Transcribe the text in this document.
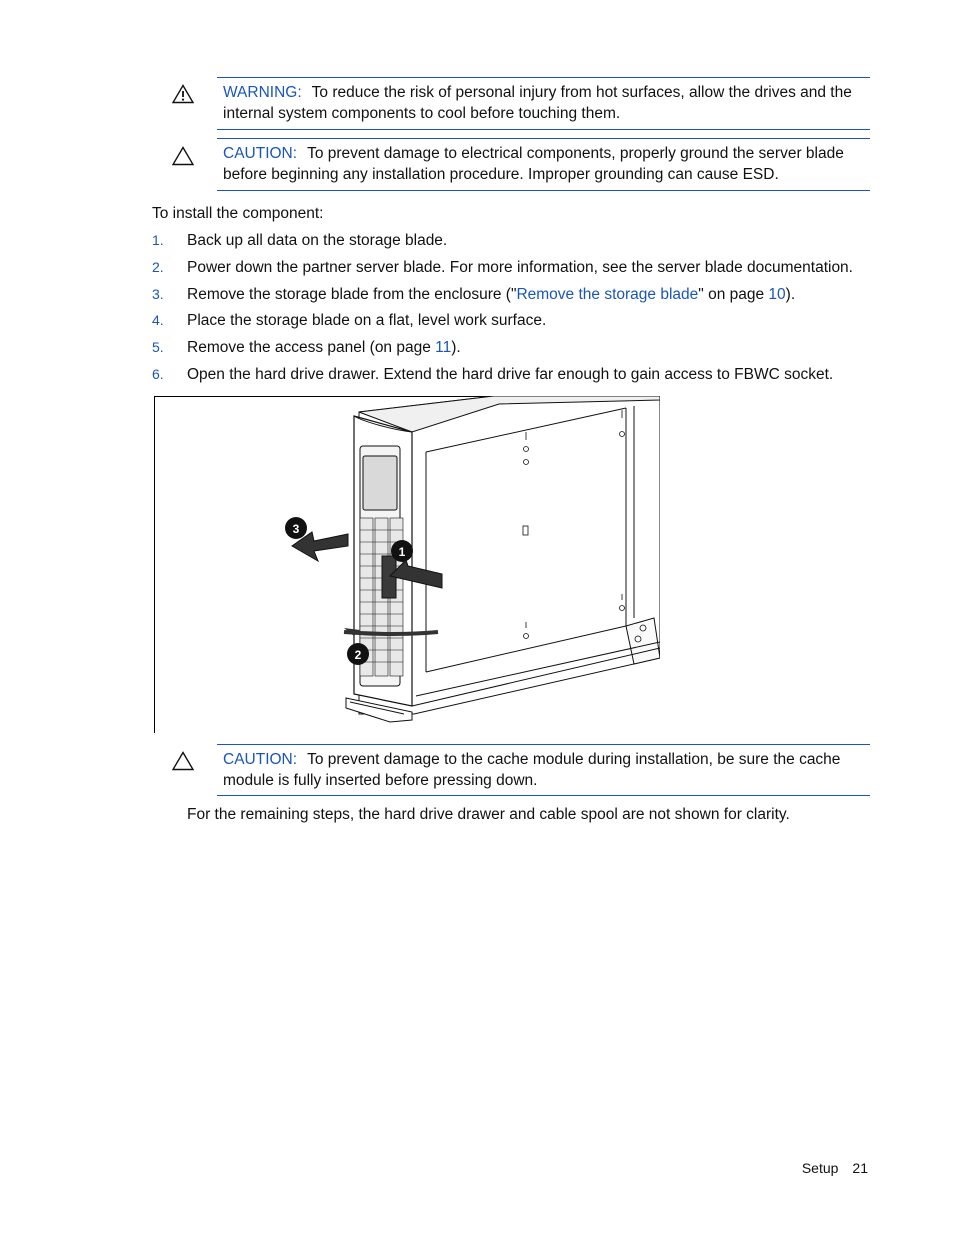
WARNING: To reduce the risk of personal injury from hot surfaces, allow the drives and the internal system components to cool before touching them.
CAUTION: To prevent damage to electrical components, properly ground the server blade before beginning any installation procedure. Improper grounding can cause ESD.
To install the component:
1. Back up all data on the storage blade.
2. Power down the partner server blade. For more information, see the server blade documentation.
3. Remove the storage blade from the enclosure ("Remove the storage blade" on page 10).
4. Place the storage blade on a flat, level work surface.
5. Remove the access panel (on page 11).
6. Open the hard drive drawer. Extend the hard drive far enough to gain access to FBWC socket.
1
2
3
CAUTION: To prevent damage to the cache module during installation, be sure the cache module is fully inserted before pressing down.
For the remaining steps, the hard drive drawer and cable spool are not shown for clarity.
Setup 21
